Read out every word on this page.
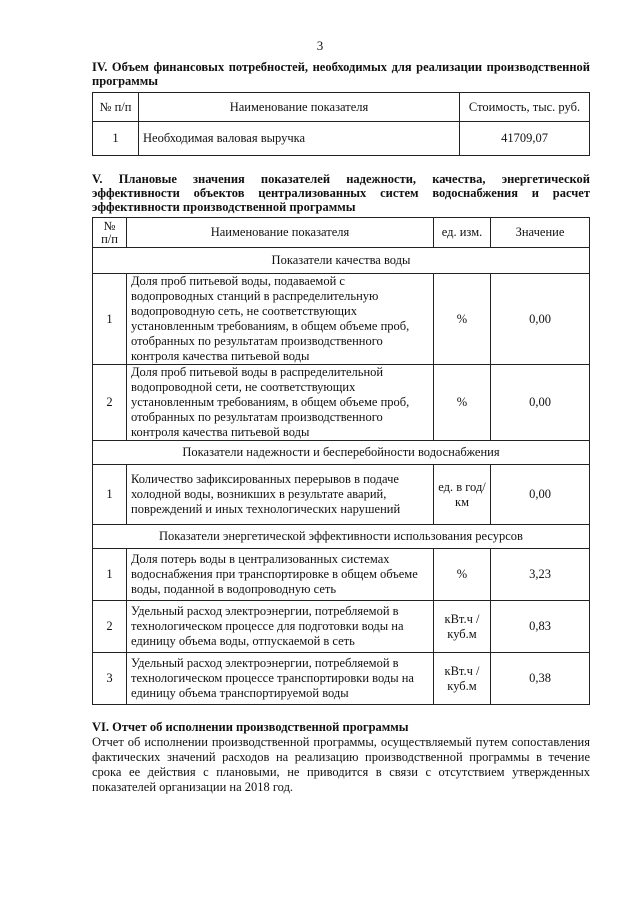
3
IV. Объем финансовых потребностей, необходимых для реализации производственной программы
№ п/п	Наименование показателя	Стоимость, тыс. руб.
1	Необходимая валовая выручка	41709,07
V. Плановые значения показателей надежности, качества, энергетической эффективности объектов централизованных систем водоснабжения и расчет эффективности производственной программы
№ п/п	Наименование показателя	ед. изм.	Значение
Показатели качества воды			
1	Доля проб питьевой воды, подаваемой с водопроводных станций в распределительную водопроводную сеть, не соответствующих установленным требованиям, в общем объеме проб, отобранных по результатам производственного контроля качества питьевой воды	%	0,00
2	Доля проб питьевой воды в распределительной водопроводной сети, не соответствующих установленным требованиям, в общем объеме проб, отобранных по результатам производственного контроля качества питьевой воды	%	0,00
Показатели надежности и бесперебойности водоснабжения			
1	Количество зафиксированных перерывов в подаче холодной воды, возникших в результате аварий, повреждений и иных технологических нарушений	ед. в год/ км	0,00
Показатели энергетической эффективности использования ресурсов			
1	Доля потерь воды в централизованных системах водоснабжения при транспортировке в общем объеме воды, поданной в водопроводную сеть	%	3,23
2	Удельный расход электроэнергии, потребляемой в технологическом процессе для подготовки воды на единицу объема воды, отпускаемой в сеть	кВт.ч / куб.м	0,83
3	Удельный расход электроэнергии, потребляемой в технологическом процессе транспортировки воды на единицу объема транспортируемой воды	кВт.ч / куб.м	0,38
VI. Отчет об исполнении производственной программы
Отчет об исполнении производственной программы, осуществляемый путем сопоставления фактических значений расходов на реализацию производственной программы в течение срока ее действия с плановыми, не приводится в связи с отсутствием утвержденных показателей организации на 2018 год.
